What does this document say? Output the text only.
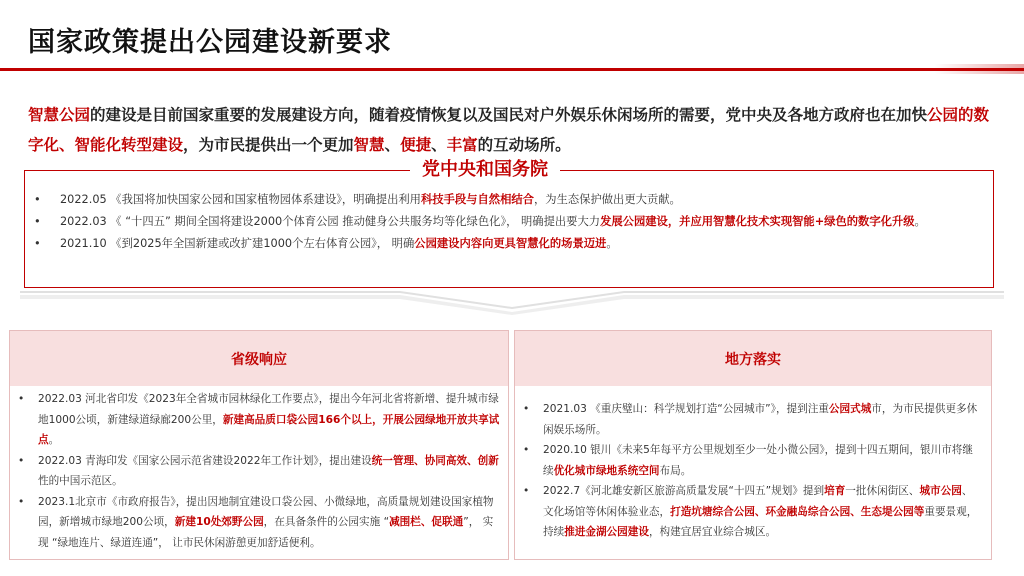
国家政策提出公园建设新要求
智慧公园的建设是目前国家重要的发展建设方向，随着疫情恢复以及国民对户外娱乐休闲场所的需要，党中央及各地方政府也在加快公园的数字化、智能化转型建设，为市民提供出一个更加智慧、便捷、丰富的互动场所。
党中央和国务院
• 2022.05 《我国将加快国家公园和国家植物园体系建设》，明确提出利用科技手段与自然相结合，为生态保护做出更大贡献。
• 2022.03 《 “十四五” 期间全国将建设2000个体育公园 推动健身公共服务均等化绿色化》， 明确提出要大力发展公园建设，并应用智慧化技术实现智能+绿色的数字化升级。
• 2021.10 《到2025年全国新建或改扩建1000个左右体育公园》， 明确公园建设内容向更具智慧化的场景迈进。
省级响应
• 2022.03 河北省印发《2023年全省城市园林绿化工作要点》，提出今年河北省将新增、提升城市绿地1000公顷，新建绿道绿廊200公里，新建高品质口袋公园166个以上，开展公园绿地开放共享试点。
• 2022.03 青海印发《国家公园示范省建设2022年工作计划》，提出建设统一管理、协同高效、创新性的中国示范区。
• 2023.1北京市《市政府报告》，提出因地制宜建设口袋公园、小微绿地，高质量规划建设国家植物园，新增城市绿地200公顷，新建10处郊野公园，在具备条件的公园实施 “减围栏、促联通”， 实现 “绿地连片、绿道连通”， 让市民休闲游憩更加舒适便利。
地方落实
• 2021.03 《重庆璧山：科学规划打造“公园城市”》，提到注重公园式城市，为市民提供更多休闲娱乐场所。
• 2020.10 银川《未来5年每平方公里规划至少一处小微公园》，提到十四五期间，银川市将继续优化城市绿地系统空间布局。
• 2022.7《河北雄安新区旅游高质量发展“十四五”规划》提到培育一批休闲街区、城市公园、文化场馆等休闲体验业态，打造坑塘综合公园、环金融岛综合公园、生态堤公园等重要景观，持续推进金湖公园建设，构建宜居宜业综合城区。
